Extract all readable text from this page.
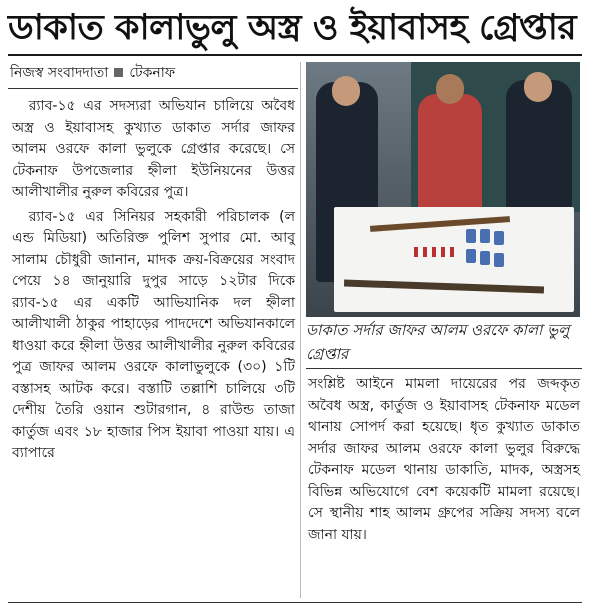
ডাকাত কালাভুলু অস্ত্র ও ইয়াবাসহ গ্রেপ্তার
নিজস্ব সংবাদদাতা টেকনাফ

র‍্যাব-১৫ এর সদস্যরা অভিযান চালিয়ে অবৈধ অস্ত্র ও ইয়াবাসহ কুখ্যাত ডাকাত সর্দার জাফর আলম ওরফে কালা ভুলুকে গ্রেপ্তার করেছে। সে টেকনাফ উপজেলার হ্নীলা ইউনিয়নের উত্তর আলীখালীর নুরুল কবিরের পুত্র।

র‍্যাব-১৫ এর সিনিয়র সহকারী পরিচালক (ল এন্ড মিডিয়া) অতিরিক্ত পুলিশ সুপার মো. আবু সালাম চৌধুরী জানান, মাদক ক্রয়-বিক্রয়ের সংবাদ পেয়ে ১৪ জানুয়ারি দুপুর সাড়ে ১২টার দিকে র‍্যাব-১৫ এর একটি আভিযানিক দল হ্নীলা আলীখালী ঠাকুর পাহাড়ের পাদদেশে অভিযানকালে ধাওয়া করে হ্নীলা উত্তর আলীখালীর নুরুল কবিরের পুত্র জাফর আলম ওরফে কালাভুলুকে (৩০) ১টি বস্তাসহ আটক করে। বস্তাটি তল্লাশি চালিয়ে ৩টি দেশীয় তৈরি ওয়ান শুটারগান, ৪ রাউন্ড তাজা কার্তুজ এবং ১৮ হাজার পিস ইয়াবা পাওয়া যায়। এ ব্যাপারে

ডাকাত সর্দার জাফর আলম ওরফে কালা ভুলু গ্রেপ্তার

সংশ্লিষ্ট আইনে মামলা দায়েরের পর জব্দকৃত অবৈধ অস্ত্র, কার্তুজ ও ইয়াবাসহ টেকনাফ মডেল থানায় সোপর্দ করা হয়েছে। ধৃত কুখ্যাত ডাকাত সর্দার জাফর আলম ওরফে কালা ভুলুর বিরুদ্ধে টেকনাফ মডেল থানায় ডাকাতি, মাদক, অস্ত্রসহ বিভিন্ন অভিযোগে বেশ কয়েকটি মামলা রয়েছে। সে স্থানীয় শাহ আলম গ্রুপের সক্রিয় সদস্য বলে জানা যায়।
